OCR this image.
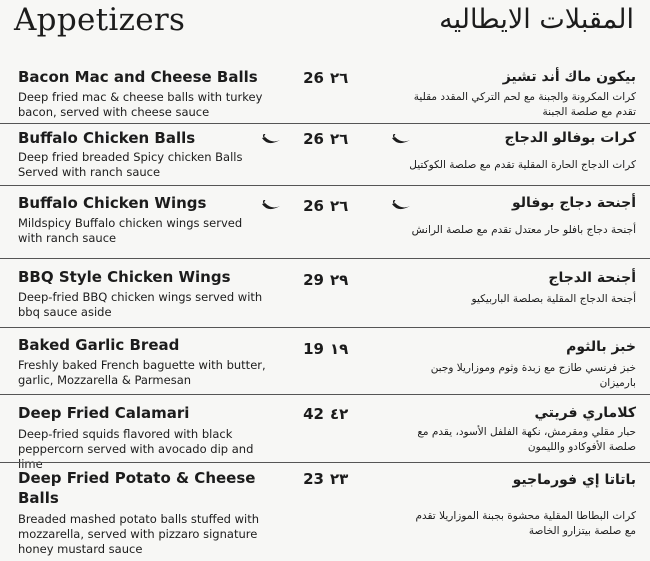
Appetizers	المقبلات الايطاليه
Bacon Mac and Cheese Balls
Deep fried mac & cheese balls with turkey bacon, served with cheese sauce
26 ٢٦	بيكون ماك أند تشيز
كرات المكرونة والجبنة مع لحم التركي المقدد مقلية تقدم مع صلصة الجبنة
Buffalo Chicken Balls
Deep fried breaded Spicy chicken Balls Served with ranch sauce
26 ٢٦	كرات بوفالو الدجاج
كرات الدجاج الحارة المقلية تقدم مع صلصة الكوكتيل
Buffalo Chicken Wings
Mildspicy Buffalo chicken wings served with ranch sauce
26 ٢٦	أجنحة دجاج بوفالو
أجنحة دجاج بافلو حار معتدل تقدم مع صلصة الرانش
BBQ Style Chicken Wings
Deep-fried BBQ chicken wings served with bbq sauce aside
29 ٢٩	أجنحة الدجاج
أجنحة الدجاج المقلية بصلصة الباربيكيو
Baked Garlic Bread
Freshly baked French baguette with butter, garlic, Mozzarella & Parmesan
19 ١٩	خبز بالثوم
خبز فرنسي طازج مع زبدة وثوم وموزاريلا وجبن بارميزان
Deep Fried Calamari
Deep-fried squids flavored with black peppercorn served with avocado dip and lime
42 ٤٢	كلاماري فريتي
حبار مقلي ومقرمش، نكهة الفلفل الأسود، يقدم مع صلصة الأفوكادو والليمون
Deep Fried Potato & Cheese Balls
Breaded mashed potato balls stuffed with mozzarella, served with pizzaro signature honey mustard sauce
23 ٢٣	باتاتا إي فورماجيو
كرات البطاطا المقلية محشوة بجبنة الموزاريلا تقدم مع صلصة بيتزارو الخاصة
